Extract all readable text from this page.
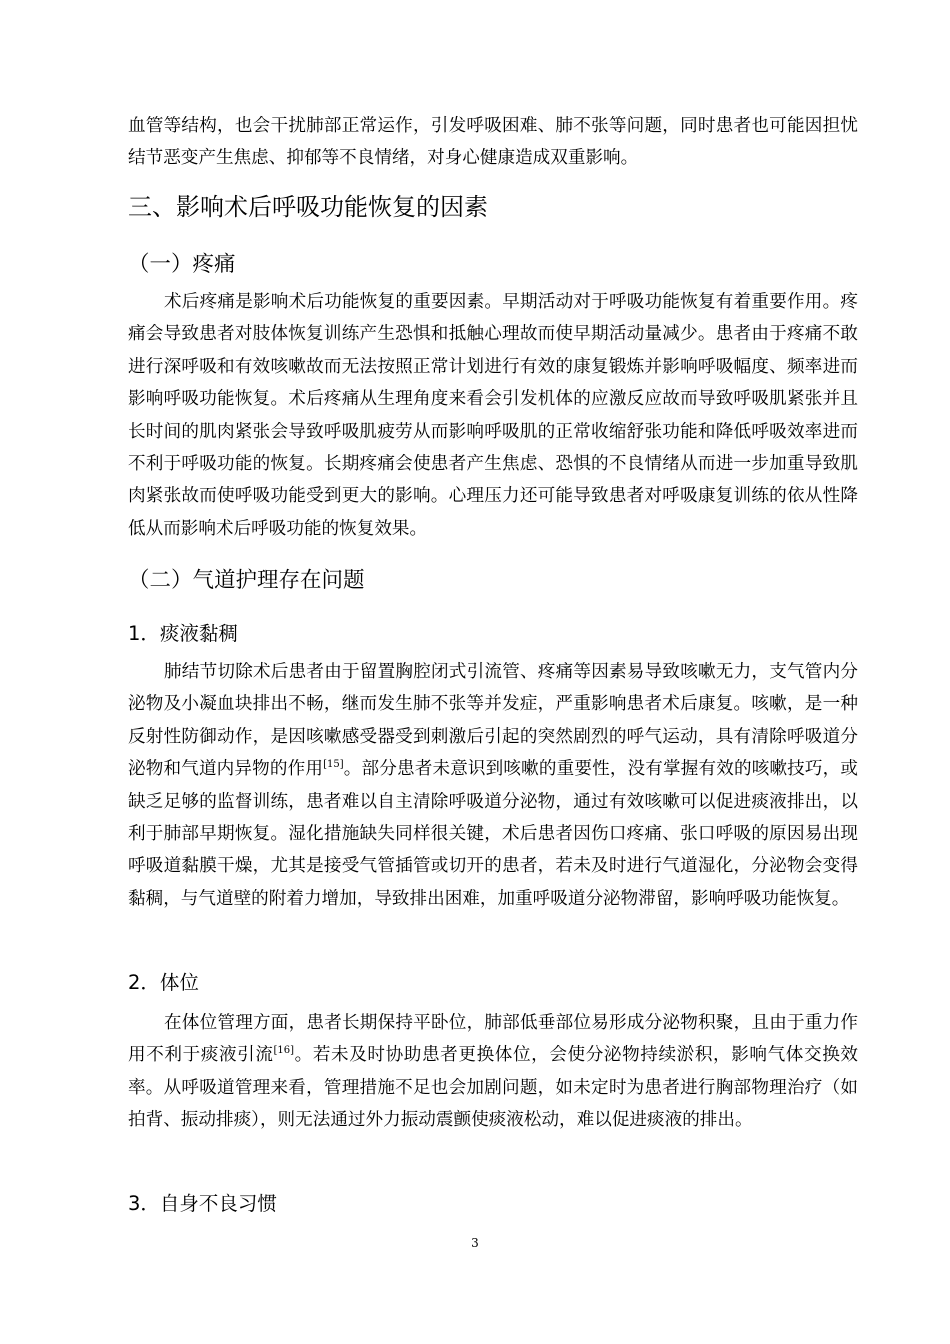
血管等结构，也会干扰肺部正常运作，引发呼吸困难、肺不张等问题，同时患者也可能因担忧结节恶变产生焦虑、抑郁等不良情绪，对身心健康造成双重影响。

三、影响术后呼吸功能恢复的因素
（一）疼痛

术后疼痛是影响术后功能恢复的重要因素。早期活动对于呼吸功能恢复有着重要作用。疼痛会导致患者对肢体恢复训练产生恐惧和抵触心理故而使早期活动量减少。患者由于疼痛不敢进行深呼吸和有效咳嗽故而无法按照正常计划进行有效的康复锻炼并影响呼吸幅度、频率进而影响呼吸功能恢复。术后疼痛从生理角度来看会引发机体的应激反应故而导致呼吸肌紧张并且长时间的肌肉紧张会导致呼吸肌疲劳从而影响呼吸肌的正常收缩舒张功能和降低呼吸效率进而不利于呼吸功能的恢复。长期疼痛会使患者产生焦虑、恐惧的不良情绪从而进一步加重导致肌肉紧张故而使呼吸功能受到更大的影响。心理压力还可能导致患者对呼吸康复训练的依从性降低从而影响术后呼吸功能的恢复效果。

（二）气道护理存在问题
1．痰液黏稠

肺结节切除术后患者由于留置胸腔闭式引流管、疼痛等因素易导致咳嗽无力，支气管内分泌物及小凝血块排出不畅，继而发生肺不张等并发症，严重影响患者术后康复。咳嗽，是一种反射性防御动作，是因咳嗽感受器受到刺激后引起的突然剧烈的呼气运动，具有清除呼吸道分泌物和气道内异物的作用[15]。部分患者未意识到咳嗽的重要性，没有掌握有效的咳嗽技巧，或缺乏足够的监督训练，患者难以自主清除呼吸道分泌物，通过有效咳嗽可以促进痰液排出，以利于肺部早期恢复。湿化措施缺失同样很关键，术后患者因伤口疼痛、张口呼吸的原因易出现呼吸道黏膜干燥，尤其是接受气管插管或切开的患者，若未及时进行气道湿化，分泌物会变得黏稠，与气道壁的附着力增加，导致排出困难，加重呼吸道分泌物滞留，影响呼吸功能恢复。

2．体位

在体位管理方面，患者长期保持平卧位，肺部低垂部位易形成分泌物积聚，且由于重力作用不利于痰液引流[16]。若未及时协助患者更换体位，会使分泌物持续淤积，影响气体交换效率。从呼吸道管理来看，管理措施不足也会加剧问题，如未定时为患者进行胸部物理治疗（如拍背、振动排痰），则无法通过外力振动震颤使痰液松动，难以促进痰液的排出。

3．自身不良习惯
3
